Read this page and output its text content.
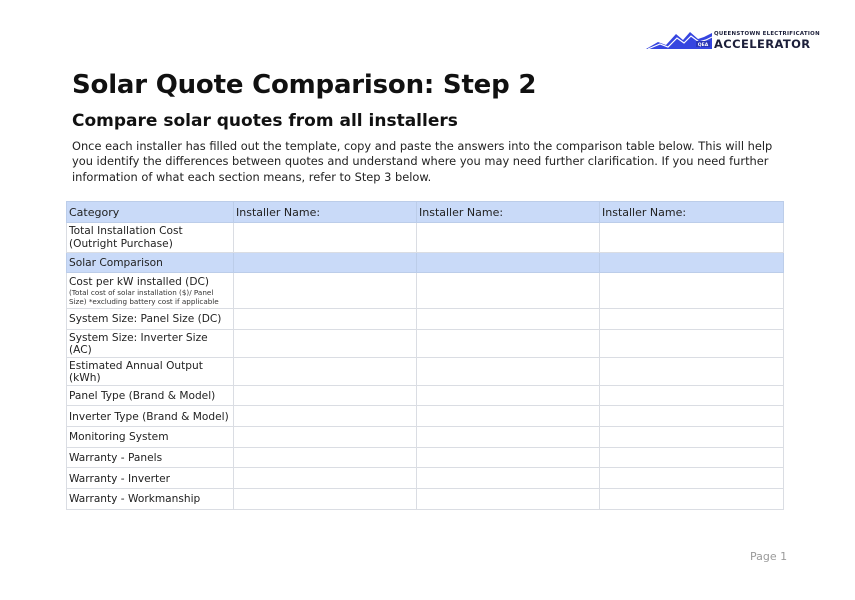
QEA
QUEENSTOWN ELECTRIFICATION
ACCELERATOR
Solar Quote Comparison: Step 2
Compare solar quotes from all installers

Once each installer has filled out the template, copy and paste the answers into the comparison table below. This will help you identify the differences between quotes and understand where you may need further clarification. If you need further information of what each section means, refer to Step 3 below.

Category	Installer Name:	Installer Name:	Installer Name:
Total Installation Cost (Outright Purchase)			
Solar Comparison			
Cost per kW installed (DC)
(Total cost of solar installation ($)/ Panel Size) *excluding battery cost if applicable			

System Size: Panel Size (DC)			
System Size: Inverter Size (AC)			
Estimated Annual Output (kWh)			
Panel Type (Brand & Model)			
Inverter Type (Brand & Model)			
Monitoring System			
Warranty - Panels			
Warranty - Inverter			
Warranty - Workmanship			
Page 1
